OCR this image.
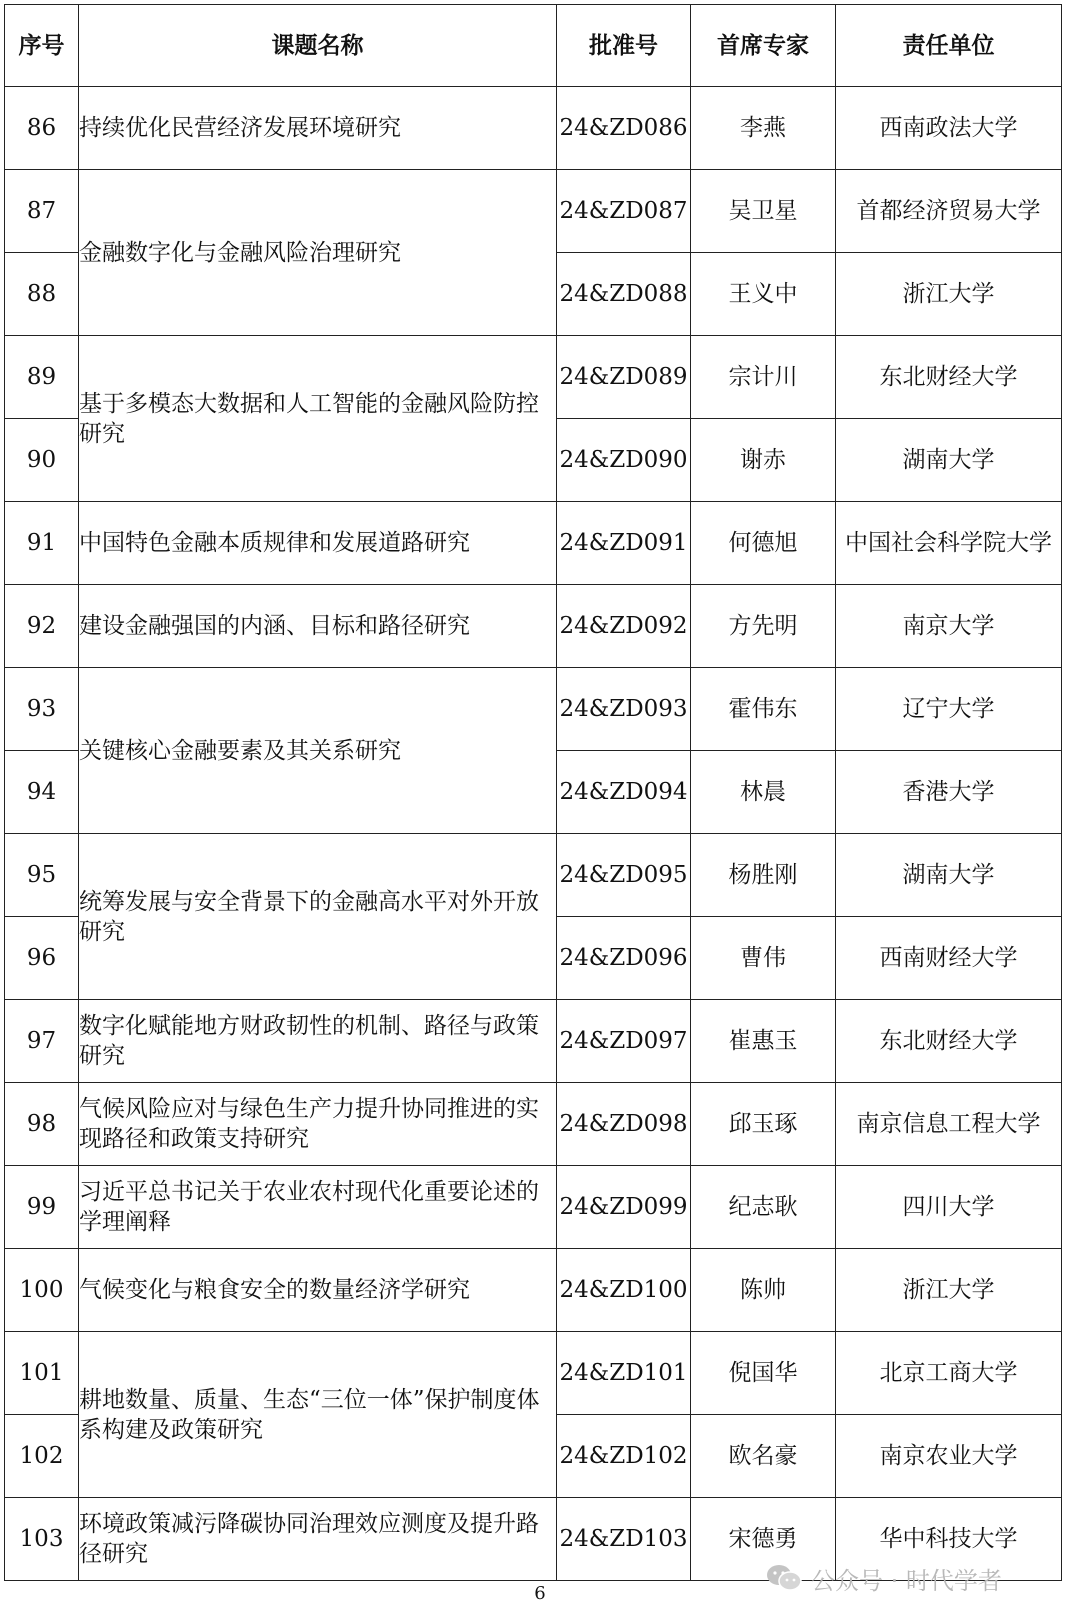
序号	课题名称	批准号	首席专家	责任单位
86	持续优化民营经济发展环境研究	24&ZD086	李燕	西南政法大学
87	金融数字化与金融风险治理研究	24&ZD087	吴卫星	首都经济贸易大学
88		24&ZD088	王义中	浙江大学
89	基于多模态大数据和人工智能的金融风险防控研究	24&ZD089	宗计川	东北财经大学
90		24&ZD090	谢赤	湖南大学
91	中国特色金融本质规律和发展道路研究	24&ZD091	何德旭	中国社会科学院大学
92	建设金融强国的内涵、目标和路径研究	24&ZD092	方先明	南京大学
93	关键核心金融要素及其关系研究	24&ZD093	霍伟东	辽宁大学
94		24&ZD094	林晨	香港大学
95	统筹发展与安全背景下的金融高水平对外开放研究	24&ZD095	杨胜刚	湖南大学
96		24&ZD096	曹伟	西南财经大学
97	数字化赋能地方财政韧性的机制、路径与政策研究	24&ZD097	崔惠玉	东北财经大学
98	气候风险应对与绿色生产力提升协同推进的实现路径和政策支持研究	24&ZD098	邱玉琢	南京信息工程大学
99	习近平总书记关于农业农村现代化重要论述的学理阐释	24&ZD099	纪志耿	四川大学
100	气候变化与粮食安全的数量经济学研究	24&ZD100	陈帅	浙江大学
101	耕地数量、质量、生态“三位一体”保护制度体系构建及政策研究	24&ZD101	倪国华	北京工商大学
102		24&ZD102	欧名豪	南京农业大学
103	环境政策减污降碳协同治理效应测度及提升路径研究	24&ZD103	宋德勇	华中科技大学
6	公众号 · 时代学者
